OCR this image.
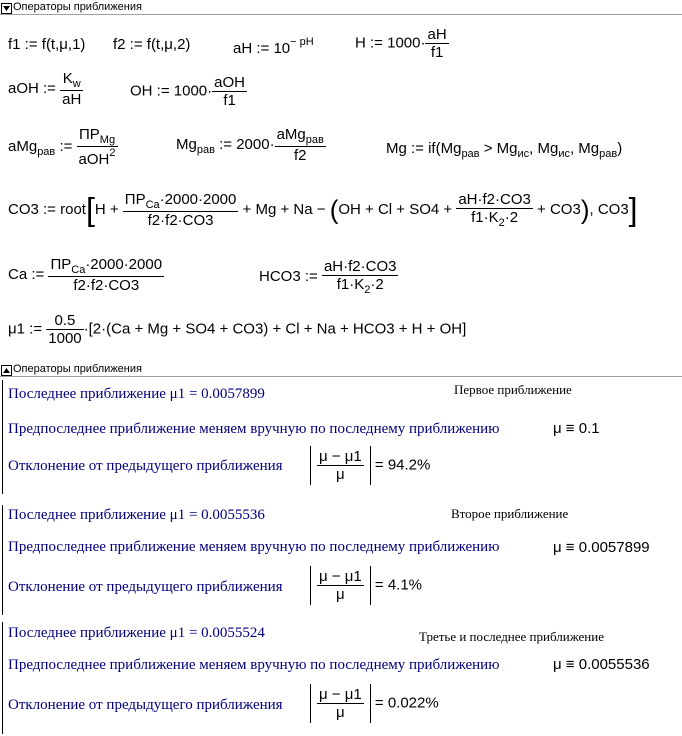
Операторы приближения
f1 := f(t,μ,1) f2 := f(t,μ,2)	aH := $10^{- pH}$	H := $1000\cdot \frac{aH}{f1}$
aOH := $\frac{K_w}{aH}$	OH := $1000\cdot \frac{\text{aOH}}{f1}$
aMg$_{рав}$ := $\frac{ПР_{Mg}}{aOH^2}$	$Mg_{рав}$ := $2000\cdot \frac{aMg_{рав}}{f2}$	Mg := $if(Mg_{рав} > Mg_{ис}$, $Mg_{ис}$, $Mg_{рав}$)
CO3 := root[H + $\frac{ПР_{Ca}\cdot 2000\cdot 2000}{f2\cdot f2\cdot CO3} + Mg + Na - (OH + Cl + SO4 + \frac{aH\cdot f2\cdot CO3}{f1\cdot K_2\cdot 2} + CO3)$, CO3]
Ca := $\frac{ПР_{Ca}\cdot 2000\cdot 2000}{f2\cdot f2\cdot CO3}$	HCO3 := $\frac{aH\cdot f2\cdot CO3}{f1\cdot K_2\cdot 2}$
μ1 := $\frac{0.5}{1000} \cdot[2\cdot(Ca + Mg + SO4 + CO3) + Cl + Na + HCO3 + H + OH]$
Операторы приближения
Последнее приближение μ1 = 0.0057899	Первое приближение
Предпоследнее приближение меняем вручную по последнему приближению	μ ≡ 0.1
Отклонение от предыдущего приближения $\frac{\mu - \mu 1}{\mu} = 94.2\%$
Последнее приближение μ1 = 0.0055536	Второе приближение
Предпоследнее приближение меняем вручную по последнему приближению	μ ≡ 0.0057899
Отклонение от предыдущего приближения $\frac{\mu - \mu 1}{\mu} = 4.1\%$
Последнее приближение μ1 = 0.0055524	Третье и последнее приближение
Предпоследнее приближение меняем вручную по последнему приближению	μ ≡ 0.0055536
Отклонение от предыдущего приближения $\frac{\mu - \mu 1}{\mu} = 0.022\%$
